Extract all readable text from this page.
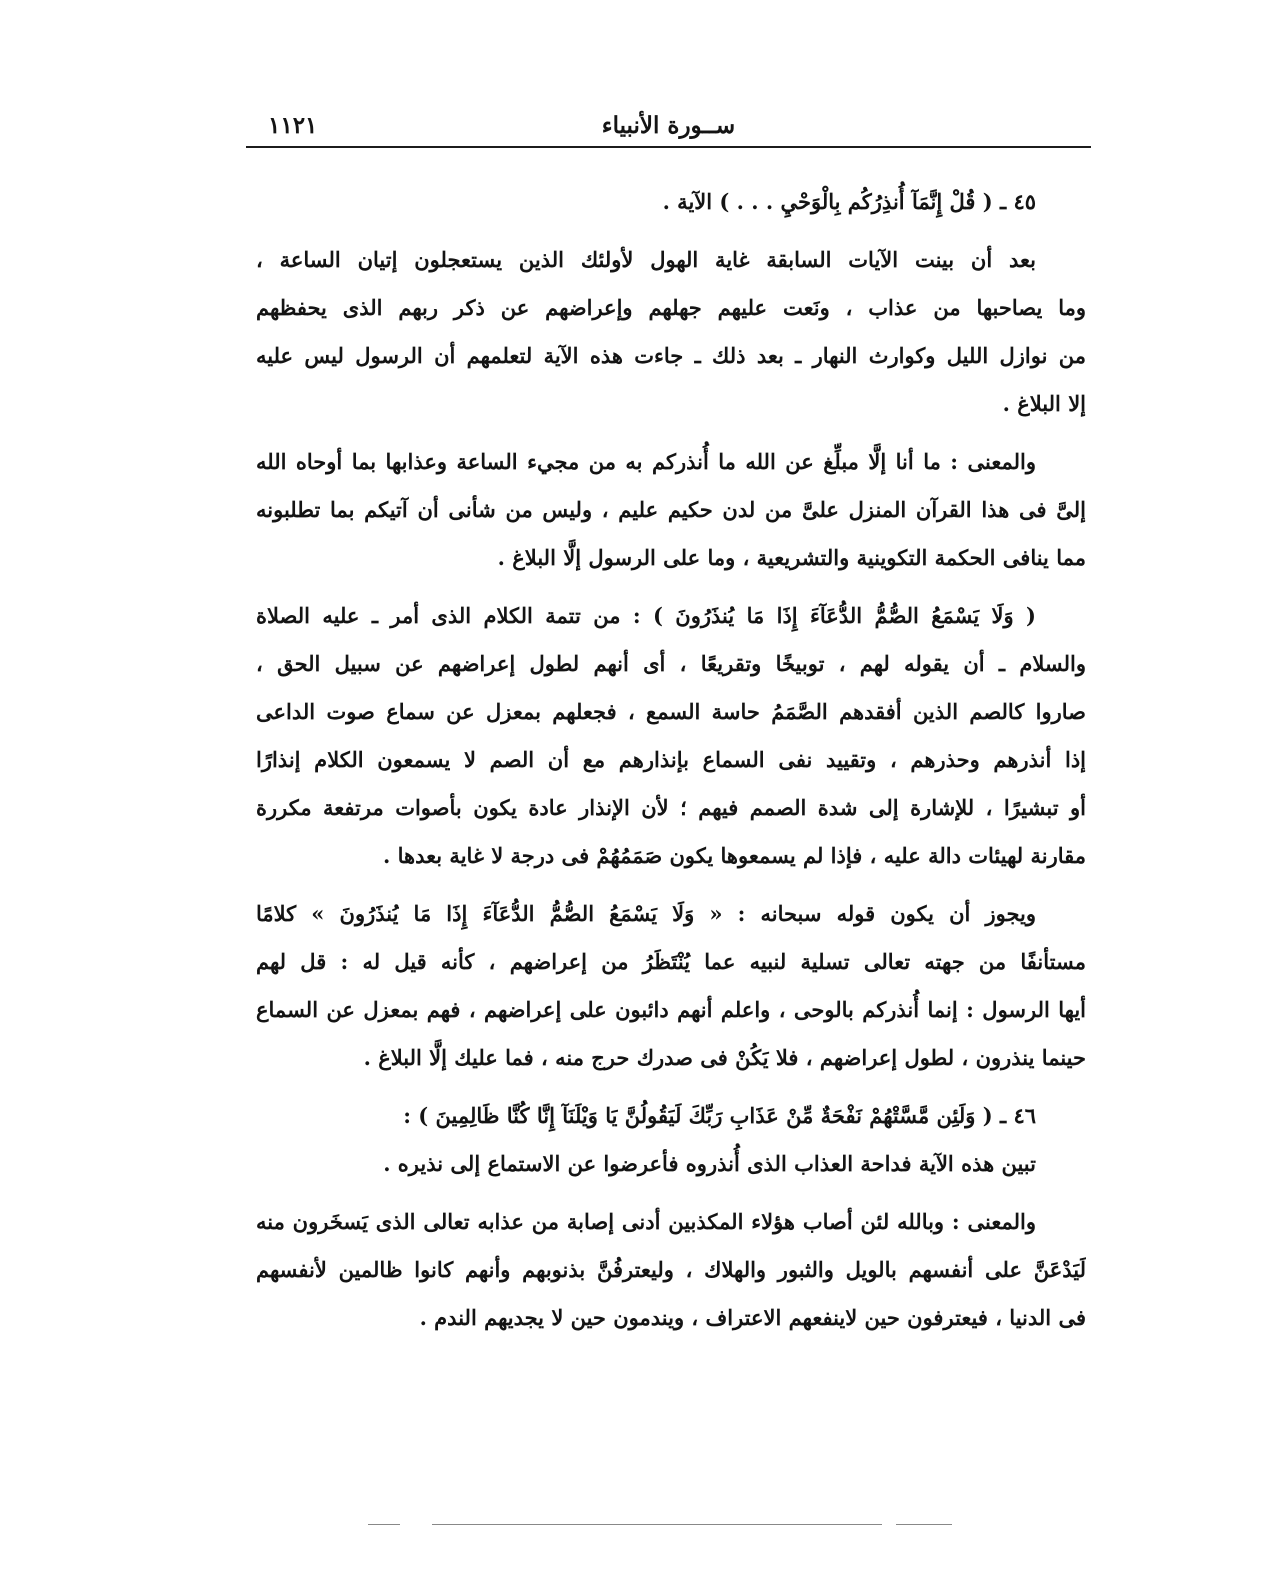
ســورة الأنبياء
١١٢١
٤٥ ـ ( قُلْ إِنَّمَآ أُنذِرُكُم بِالْوَحْيِ . . . ) الآية .
بعد أن بينت الآيات السابقة غاية الهول لأولئك الذين يستعجلون إتيان الساعة ،
وما يصاحبها من عذاب ، ونَعت عليهم جهلهم وإعراضهم عن ذكر ربهم الذى يحفظهم
من نوازل الليل وكوارث النهار ـ بعد ذلك ـ جاءت هذه الآية لتعلمهم أن الرسول ليس عليه
إلا البلاغ .
والمعنى : ما أنا إلَّا مبلِّغ عن الله ما أُنذركم به من مجيء الساعة وعذابها بما أوحاه الله
إلىَّ فى هذا القرآن المنزل علىَّ من لدن حكيم عليم ، وليس من شأنى أن آتيكم بما تطلبونه
مما ينافى الحكمة التكوينية والتشريعية ، وما على الرسول إلَّا البلاغ .
( وَلَا يَسْمَعُ الصُّمُّ الدُّعَآءَ إِذَا مَا يُنذَرُونَ ) : من تتمة الكلام الذى أمر ـ عليه الصلاة
والسلام ـ أن يقوله لهم ، توبيخًا وتقريعًا ، أى أنهم لطول إعراضهم عن سبيل الحق ،
صاروا كالصم الذين أفقدهم الصَّمَمُ حاسة السمع ، فجعلهم بمعزل عن سماع صوت الداعى
إذا أنذرهم وحذرهم ، وتقييد نفى السماع بإنذارهم مع أن الصم لا يسمعون الكلام إنذارًا
أو تبشيرًا ، للإشارة إلى شدة الصمم فيهم ؛ لأن الإنذار عادة يكون بأصوات مرتفعة مكررة
مقارنة لهيئات دالة عليه ، فإذا لم يسمعوها يكون صَمَمُهُمْ فى درجة لا غاية بعدها .
ويجوز أن يكون قوله سبحانه : « وَلَا يَسْمَعُ الصُّمُّ الدُّعَآءَ إِذَا مَا يُنذَرُونَ » كلامًا
مستأنفًا من جهته تعالى تسلية لنبيه عما يُنْتَظَرُ من إعراضهم ، كأنه قيل له : قل لهم
أيها الرسول : إنما أُنذركم بالوحى ، واعلم أنهم دائبون على إعراضهم ، فهم بمعزل عن السماع
حينما ينذرون ، لطول إعراضهم ، فلا يَكُنْ فى صدرك حرج منه ، فما عليك إلَّا البلاغ .
٤٦ ـ ( وَلَئِن مَّسَّتْهُمْ نَفْحَةٌ مِّنْ عَذَابِ رَبِّكَ لَيَقُولُنَّ يَا وَيْلَنَآ إِنَّا كُنَّا ظَالِمِينَ ) :
تبين هذه الآية فداحة العذاب الذى أُنذروه فأعرضوا عن الاستماع إلى نذيره .
والمعنى : وبالله لئن أصاب هؤلاء المكذبين أدنى إصابة من عذابه تعالى الذى يَسخَرون منه
لَيَدْعَنَّ على أنفسهم بالويل والثبور والهلاك ، وليعترفُنَّ بذنوبهم وأنهم كانوا ظالمين لأنفسهم
فى الدنيا ، فيعترفون حين لاينفعهم الاعتراف ، ويندمون حين لا يجديهم الندم .
